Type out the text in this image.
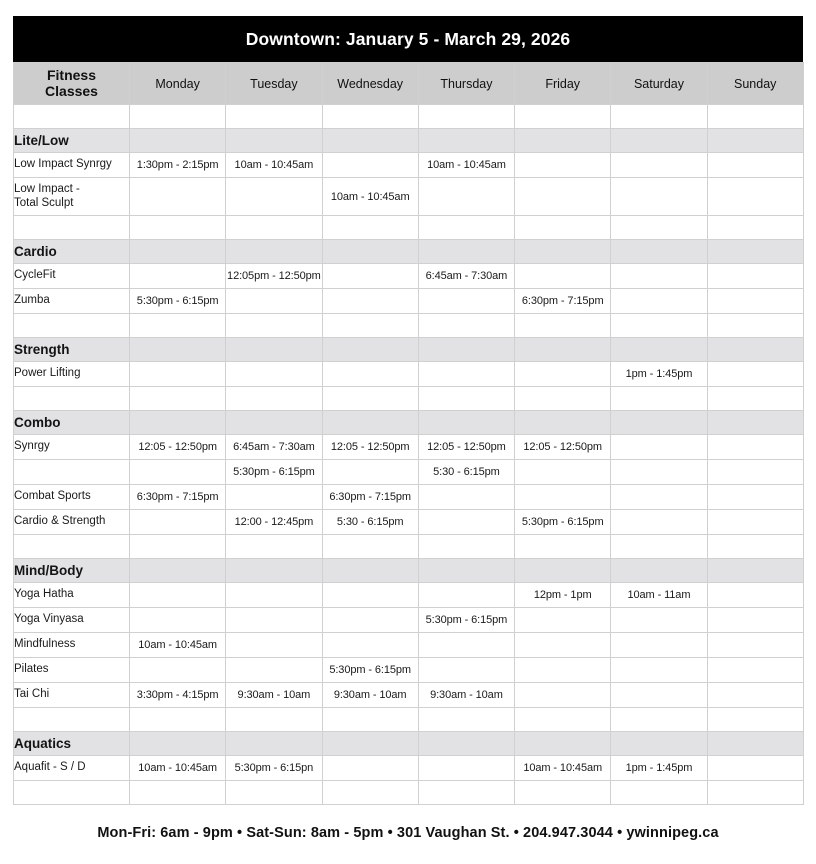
Downtown: January 5 - March 29, 2026
Fitness
Classes	Monday	Tuesday	Wednesday	Thursday	Friday	Saturday	Sunday

Lite/Low							
Low Impact Synrgy	1:30pm - 2:15pm	10am - 10:45am		10am - 10:45am			

Low Impact -
Total Sculpt			10am - 10:45am				

Cardio							
CycleFit		12:05pm - 12:50pm		6:45am - 7:30am			
Zumba	5:30pm - 6:15pm				6:30pm - 7:15pm		

Strength							
Power Lifting						1pm - 1:45pm	

Combo							
Synrgy	12:05 - 12:50pm	6:45am - 7:30am	12:05 - 12:50pm	12:05 - 12:50pm	12:05 - 12:50pm		
		5:30pm - 6:15pm		5:30 - 6:15pm			
Combat Sports	6:30pm - 7:15pm		6:30pm - 7:15pm				
Cardio & Strength		12:00 - 12:45pm	5:30 - 6:15pm		5:30pm - 6:15pm		

Mind/Body							
Yoga Hatha					12pm - 1pm	10am - 11am	
Yoga Vinyasa				5:30pm - 6:15pm			
Mindfulness	10am - 10:45am						
Pilates			5:30pm - 6:15pm				
Tai Chi	3:30pm - 4:15pm	9:30am - 10am	9:30am - 10am	9:30am - 10am			

Aquatics							
Aquafit - S / D	10am - 10:45am	5:30pm - 6:15pn			10am - 10:45am	1pm - 1:45pm	

Mon-Fri: 6am - 9pm • Sat-Sun: 8am - 5pm • 301 Vaughan St. • 204.947.3044 • ywinnipeg.ca
